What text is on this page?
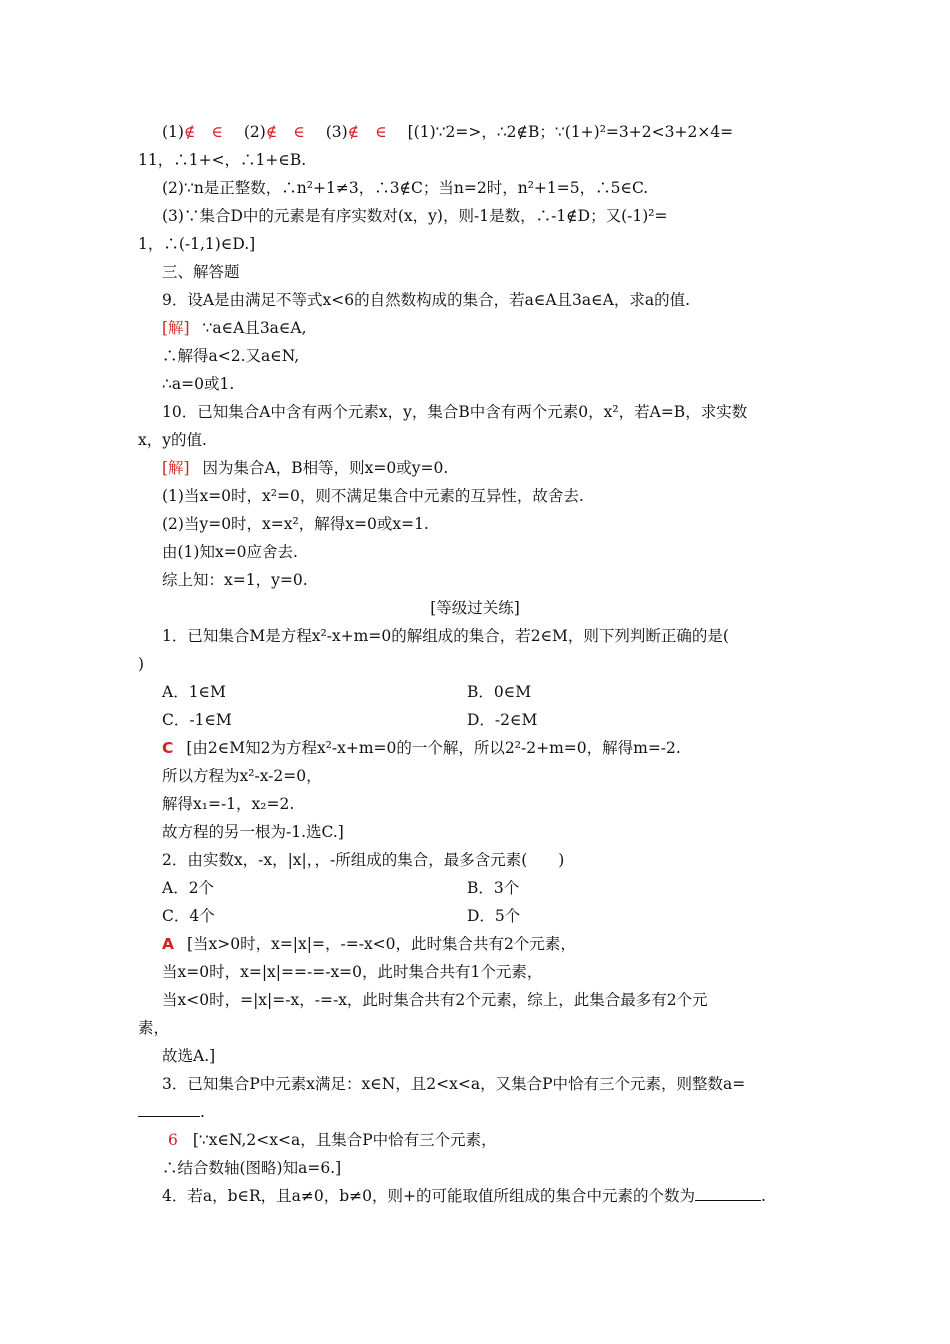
(1)∉ ∈ (2)∉ ∈ (3)∉ ∈ [(1)∵2=>，∴2∉B；∵(1+)²=3+2<3+2×4=
11，∴1+<，∴1+∈B.
(2)∵n是正整数，∴n²+1≠3，∴3∉C；当n=2时，n²+1=5，∴5∈C.
(3)∵集合D中的元素是有序实数对(x，y)，则-1是数，∴-1∉D；又(-1)²=
1，∴(-1,1)∈D.]
三、解答题
9．设A是由满足不等式x<6的自然数构成的集合，若a∈A且3a∈A，求a的值.
[解] ∵a∈A且3a∈A,
∴解得a<2.又a∈N,
∴a=0或1.
10．已知集合A中含有两个元素x，y，集合B中含有两个元素0，x²，若A=B，求实数
x，y的值.
[解] 因为集合A，B相等，则x=0或y=0.
(1)当x=0时，x²=0，则不满足集合中元素的互异性，故舍去.
(2)当y=0时，x=x²，解得x=0或x=1.
由(1)知x=0应舍去.
综上知：x=1，y=0.
[等级过关练]
1．已知集合M是方程x²-x+m=0的解组成的集合，若2∈M，则下列判断正确的是(
)
A．1∈M	B．0∈M
C．-1∈M	D．-2∈M
C [由2∈M知2为方程x²-x+m=0的一个解，所以2²-2+m=0，解得m=-2.
所以方程为x²-x-2=0，
解得x₁=-1，x₂=2.
故方程的另一根为-1.选C.]
2．由实数x，-x，|x|，，-所组成的集合，最多含元素(　　)
A．2个	B．3个
C．4个	D．5个
A [当x>0时，x=|x|=，-=-x<0，此时集合共有2个元素，
当x=0时，x=|x|==-=-x=0，此时集合共有1个元素，
当x<0时，=|x|=-x，-=-x，此时集合共有2个元素，综上，此集合最多有2个元
素，
故选A.]
3．已知集合P中元素x满足：x∈N，且2<x<a，又集合P中恰有三个元素，则整数a=
.
6 [∵x∈N,2<x<a，且集合P中恰有三个元素，
∴结合数轴(图略)知a=6.]
4．若a，b∈R，且a≠0，b≠0，则+的可能取值所组成的集合中元素的个数为	.
